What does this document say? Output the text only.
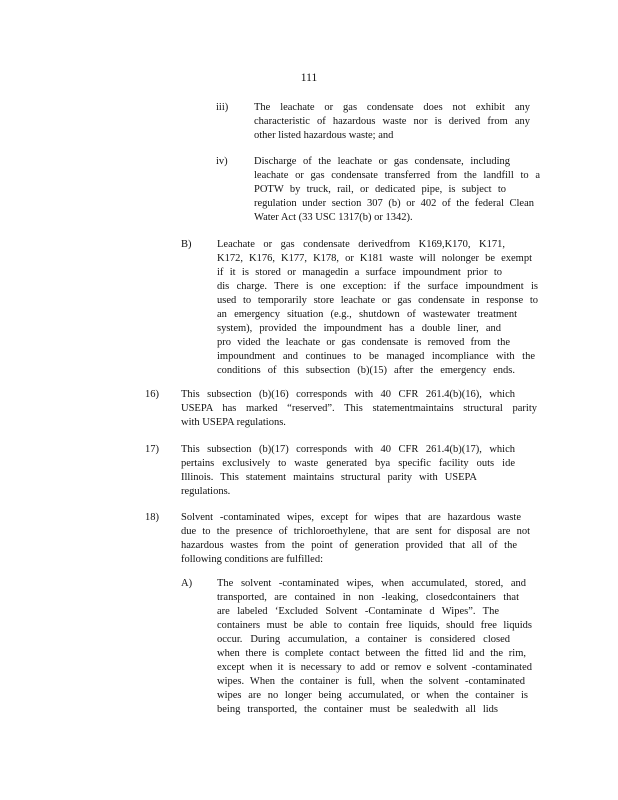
111
iii) The leachate or gas condensate does not exhibit any
characteristic of hazardous waste nor is derived from any
other listed hazardous waste; and
iv)	Discharge of the leachate or gas condensate, including
leachate or gas condensate transferred from the landfill to a
POTW by truck, rail, or dedicated pipe, is subject to
regulation under section 307 (b) or 402 of the federal Clean
Water Act (33 USC 1317(b) or 1342).
B) Leachate or gas condensate derivedfrom K169,K170, K171,
K172, K176, K177, K178, or K181 waste will nolonger be exempt
if it is stored or managedin a surface impoundment prior to
dis charge. There is one exception: if the surface impoundment is
used to temporarily store leachate or gas condensate in response to
an emergency situation (e.g., shutdown of wastewater treatment
system), provided the impoundment has a double liner, and
pro vided the leachate or gas condensate is removed from the
impoundment and continues to be managed incompliance with the
conditions of this subsection (b)(15) after the emergency ends.
16) This subsection (b)(16) corresponds with 40 CFR 261.4(b)(16), which
USEPA has marked “reserved”. This statementmaintains structural parity
with USEPA regulations.
17) This subsection (b)(17) corresponds with 40 CFR 261.4(b)(17), which
pertains exclusively to waste generated bya specific facility outs ide
Illinois. This statement maintains structural parity with USEPA
regulations.
18) Solvent -contaminated wipes, except for wipes that are hazardous waste
due to the presence of trichloroethylene, that are sent for disposal are not
hazardous wastes from the point of generation provided that all of the
following conditions are fulfilled:
A) The solvent -contaminated wipes, when accumulated, stored, and
transported, are contained in non -leaking, closedcontainers that
are labeled ‘Excluded Solvent -Contaminate d Wipes”. The
containers must be able to contain free liquids, should free liquids
occur. During accumulation, a container is considered closed
when there is complete contact between the fitted lid and the rim,
except when it is necessary to add or remov e solvent -contaminated
wipes. When the container is full, when the solvent -contaminated
wipes are no longer being accumulated, or when the container is
being transported, the container must be sealedwith all lids
